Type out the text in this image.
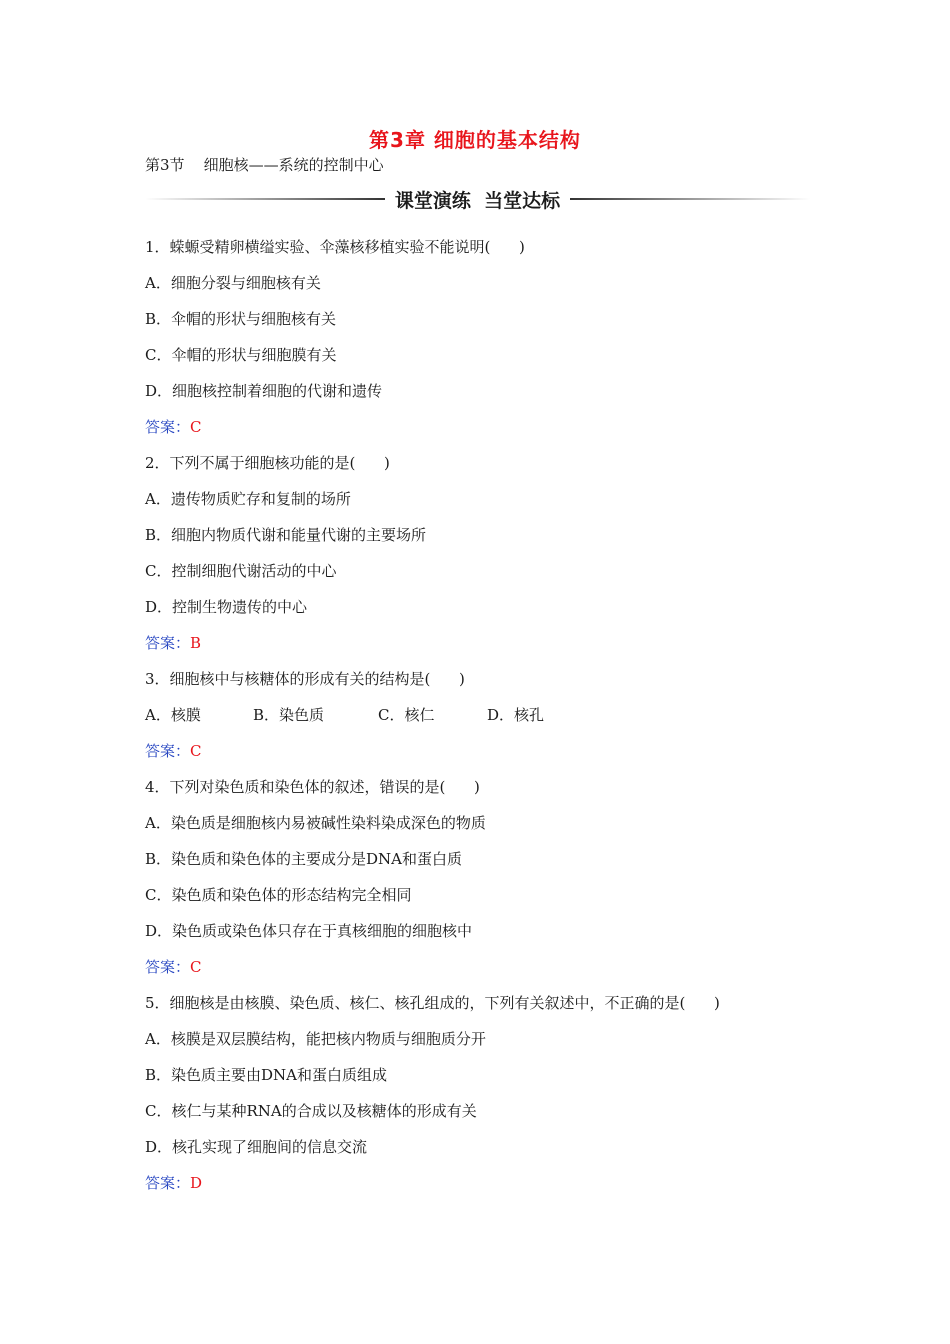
第3章 细胞的基本结构
第3节    细胞核——系统的控制中心
课堂演练  当堂达标
1．蝾螈受精卵横缢实验、伞藻核移植实验不能说明(      )
A．细胞分裂与细胞核有关
B．伞帽的形状与细胞核有关
C．伞帽的形状与细胞膜有关
D．细胞核控制着细胞的代谢和遗传
答案：C
2．下列不属于细胞核功能的是(      )
A．遗传物质贮存和复制的场所
B．细胞内物质代谢和能量代谢的主要场所
C．控制细胞代谢活动的中心
D．控制生物遗传的中心
答案：B
3．细胞核中与核糖体的形成有关的结构是(      )

A．核膜

	B．染色质

	C．核仁

	D．核孔

答案：C
4．下列对染色质和染色体的叙述，错误的是(      )
A．染色质是细胞核内易被碱性染料染成深色的物质
B．染色质和染色体的主要成分是DNA和蛋白质
C．染色质和染色体的形态结构完全相同
D．染色质或染色体只存在于真核细胞的细胞核中
答案：C
5．细胞核是由核膜、染色质、核仁、核孔组成的，下列有关叙述中，不正确的是(      )
A．核膜是双层膜结构，能把核内物质与细胞质分开
B．染色质主要由DNA和蛋白质组成
C．核仁与某种RNA的合成以及核糖体的形成有关
D．核孔实现了细胞间的信息交流
答案：D
